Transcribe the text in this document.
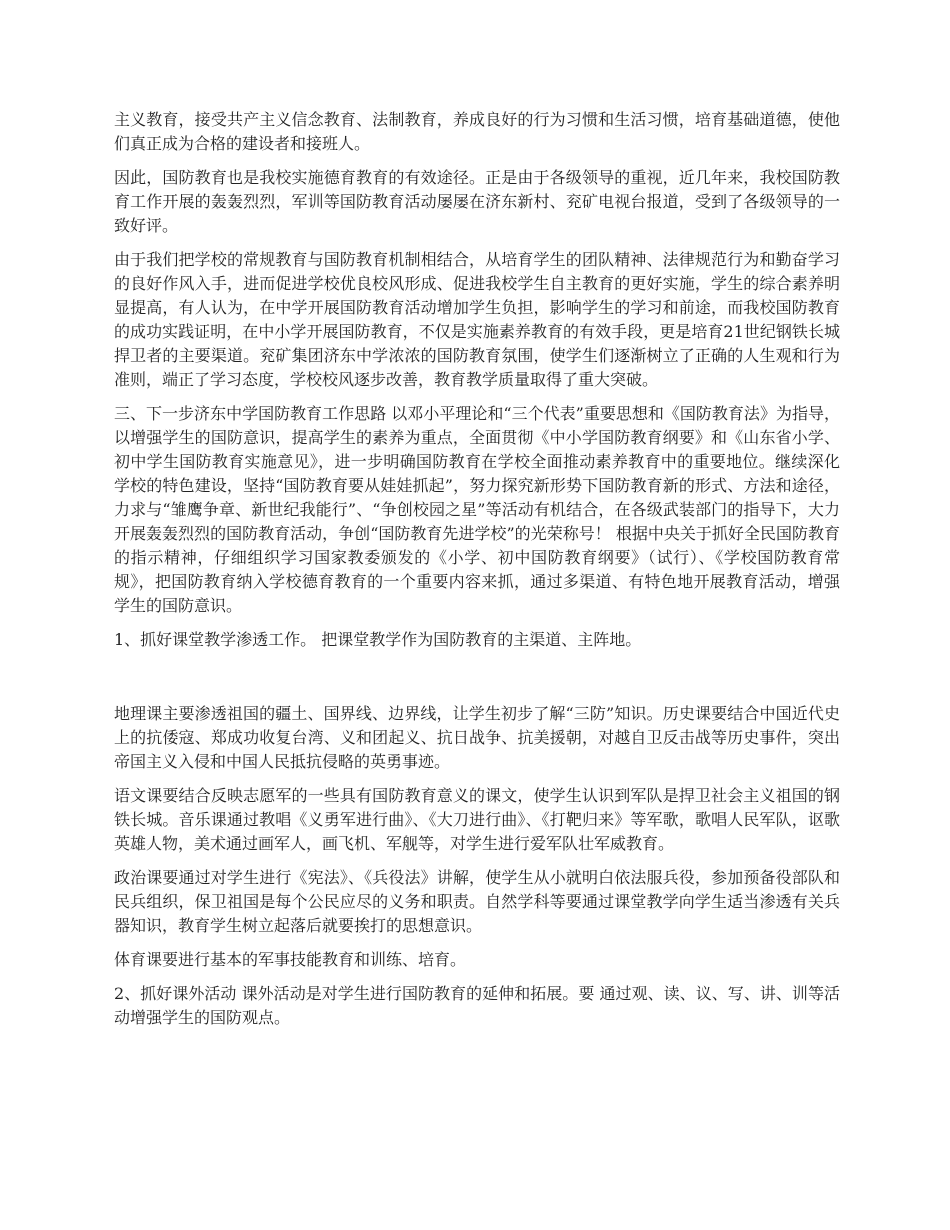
主义教育，接受共产主义信念教育、法制教育，养成良好的行为习惯和生活习惯，培育基础道德，使他们真正成为合格的建设者和接班人。

因此，国防教育也是我校实施德育教育的有效途径。正是由于各级领导的重视，近几年来，我校国防教育工作开展的轰轰烈烈，军训等国防教育活动屡屡在济东新村、兖矿电视台报道，受到了各级领导的一致好评。

由于我们把学校的常规教育与国防教育机制相结合，从培育学生的团队精神、法律规范行为和勤奋学习的良好作风入手，进而促进学校优良校风形成、促进我校学生自主教育的更好实施，学生的综合素养明显提高，有人认为，在中学开展国防教育活动增加学生负担，影响学生的学习和前途，而我校国防教育的成功实践证明，在中小学开展国防教育，不仅是实施素养教育的有效手段，更是培育21世纪钢铁长城捍卫者的主要渠道。兖矿集团济东中学浓浓的国防教育氛围，使学生们逐渐树立了正确的人生观和行为准则，端正了学习态度，学校校风逐步改善，教育教学质量取得了重大突破。

三、下一步济东中学国防教育工作思路 以邓小平理论和“三个代表”重要思想和《国防教育法》为指导，以增强学生的国防意识，提高学生的素养为重点，全面贯彻《中小学国防教育纲要》和《山东省小学、初中学生国防教育实施意见》，进一步明确国防教育在学校全面推动素养教育中的重要地位。继续深化学校的特色建设，坚持“国防教育要从娃娃抓起”，努力探究新形势下国防教育新的形式、方法和途径，力求与“雏鹰争章、新世纪我能行”、“争创校园之星”等活动有机结合，在各级武装部门的指导下，大力开展轰轰烈烈的国防教育活动，争创“国防教育先进学校”的光荣称号！ 根据中央关于抓好全民国防教育的指示精神，仔细组织学习国家教委颁发的《小学、初中国防教育纲要》（试行）、《学校国防教育常规》，把国防教育纳入学校德育教育的一个重要内容来抓，通过多渠道、有特色地开展教育活动，增强学生的国防意识。

1、抓好课堂教学渗透工作。 把课堂教学作为国防教育的主渠道、主阵地。

地理课主要渗透祖国的疆土、国界线、边界线，让学生初步了解“三防”知识。历史课要结合中国近代史上的抗倭寇、郑成功收复台湾、义和团起义、抗日战争、抗美援朝，对越自卫反击战等历史事件，突出帝国主义入侵和中国人民抵抗侵略的英勇事迹。

语文课要结合反映志愿军的一些具有国防教育意义的课文，使学生认识到军队是捍卫社会主义祖国的钢铁长城。音乐课通过教唱《义勇军进行曲》、《大刀进行曲》、《打靶归来》等军歌，歌唱人民军队，讴歌英雄人物，美术通过画军人，画飞机、军舰等，对学生进行爱军队壮军威教育。

政治课要通过对学生进行《宪法》、《兵役法》讲解，使学生从小就明白依法服兵役，参加预备役部队和民兵组织，保卫祖国是每个公民应尽的义务和职责。自然学科等要通过课堂教学向学生适当渗透有关兵器知识，教育学生树立起落后就要挨打的思想意识。

体育课要进行基本的军事技能教育和训练、培育。

2、抓好课外活动 课外活动是对学生进行国防教育的延伸和拓展。要 通过观、读、议、写、讲、训等活动增强学生的国防观点。
